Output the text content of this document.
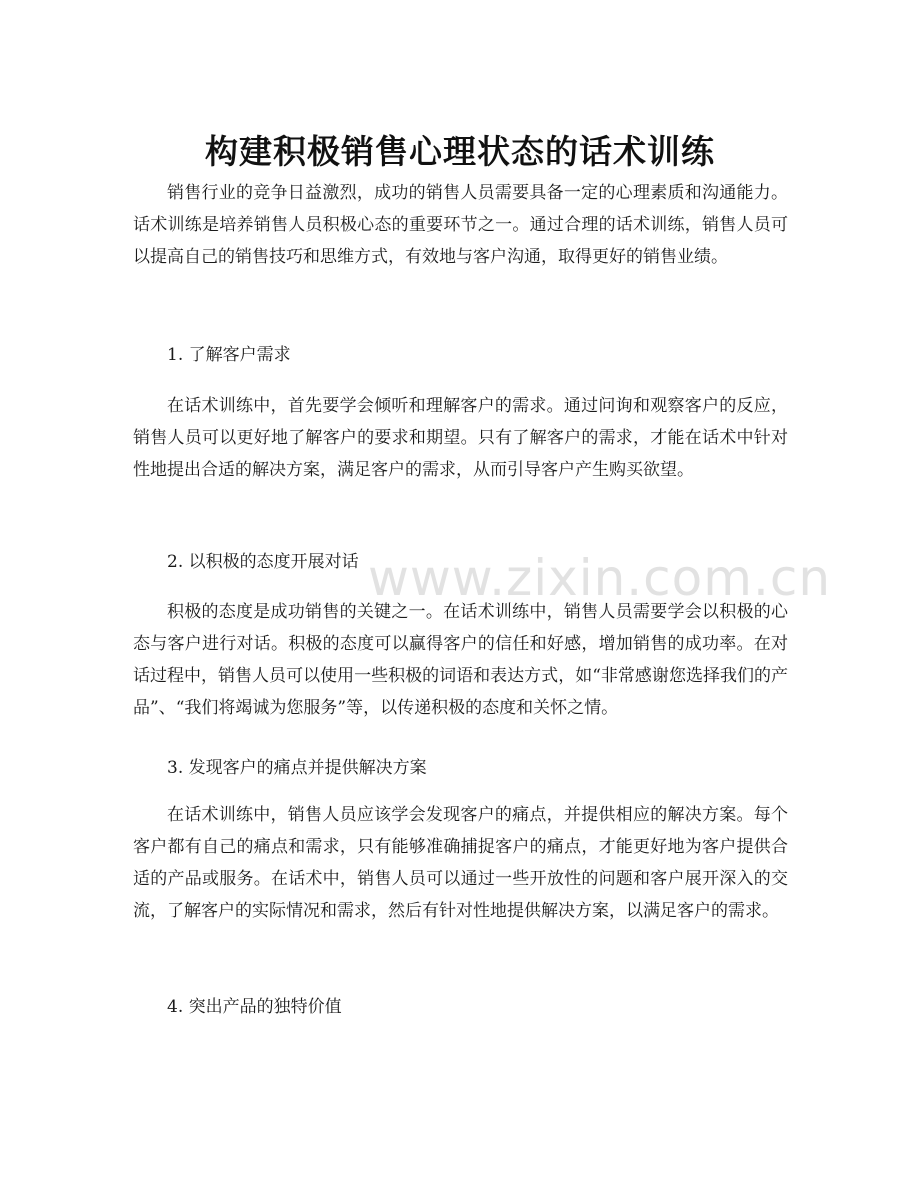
www.zixin.com.cn
构建积极销售心理状态的话术训练

销售行业的竞争日益激烈，成功的销售人员需要具备一定的心理素质和沟通能力。话术训练是培养销售人员积极心态的重要环节之一。通过合理的话术训练，销售人员可以提高自己的销售技巧和思维方式，有效地与客户沟通，取得更好的销售业绩。

1. 了解客户需求

在话术训练中，首先要学会倾听和理解客户的需求。通过问询和观察客户的反应，销售人员可以更好地了解客户的要求和期望。只有了解客户的需求，才能在话术中针对性地提出合适的解决方案，满足客户的需求，从而引导客户产生购买欲望。

2. 以积极的态度开展对话

积极的态度是成功销售的关键之一。在话术训练中，销售人员需要学会以积极的心态与客户进行对话。积极的态度可以赢得客户的信任和好感，增加销售的成功率。在对话过程中，销售人员可以使用一些积极的词语和表达方式，如“非常感谢您选择我们的产品”、“我们将竭诚为您服务”等，以传递积极的态度和关怀之情。

3. 发现客户的痛点并提供解决方案

在话术训练中，销售人员应该学会发现客户的痛点，并提供相应的解决方案。每个客户都有自己的痛点和需求，只有能够准确捕捉客户的痛点，才能更好地为客户提供合适的产品或服务。在话术中，销售人员可以通过一些开放性的问题和客户展开深入的交流，了解客户的实际情况和需求，然后有针对性地提供解决方案，以满足客户的需求。

4. 突出产品的独特价值
